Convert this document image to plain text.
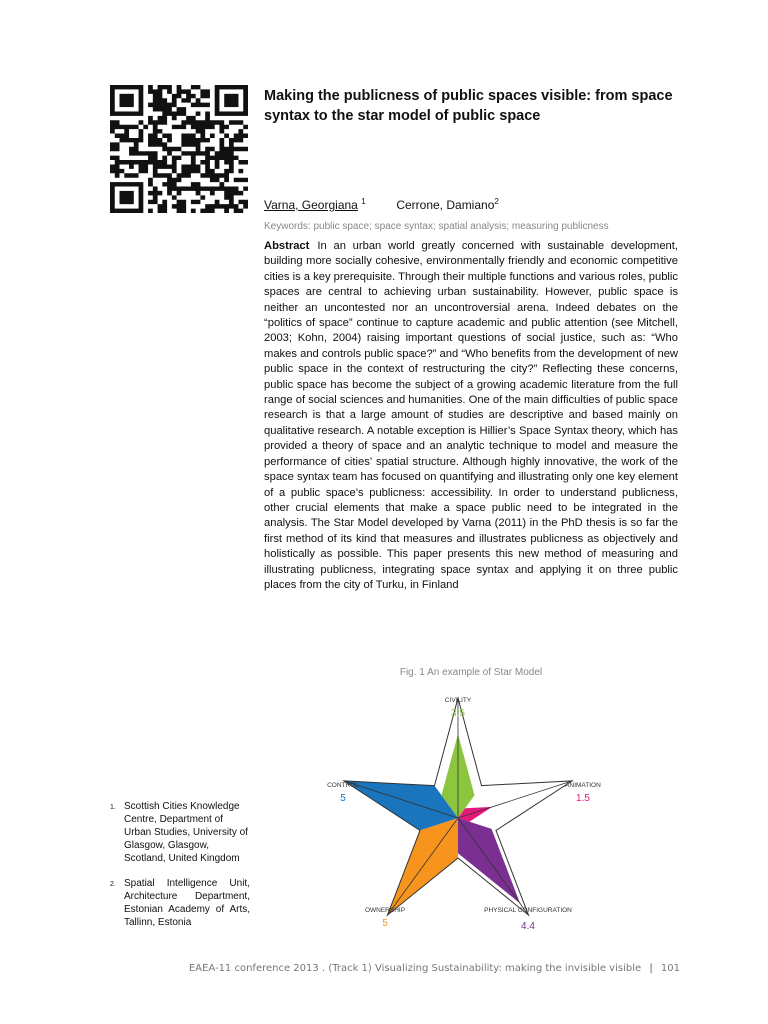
Making the publicness of public spaces visible: from space syntax to the star model of public space
Varna, Georgiana $^1$	Cerrone, Damiano$^2$
Keywords: public space; space syntax; spatial analysis; measuring publicness
Abstract In an urban world greatly concerned with sustainable development, building more socially cohesive, environmentally friendly and economic competitive cities is a key prerequisite. Through their multiple functions and various roles, public spaces are central to achieving urban sustainability. However, public space is neither an uncontested nor an uncontroversial arena. Indeed debates on the “politics of space” continue to capture academic and public attention (see Mitchell, 2003; Kohn, 2004) raising important questions of social justice, such as: “Who makes and controls public space?” and “Who benefits from the development of new public space in the context of restructuring the city?” Reflecting these concerns, public space has become the subject of a growing academic literature from the full range of social sciences and humanities. One of the main difficulties of public space research is that a large amount of studies are descriptive and based mainly on qualitative research. A notable exception is Hillier’s Space Syntax theory, which has provided a theory of space and an analytic technique to model and measure the performance of cities’ spatial structure. Although highly innovative, the work of the space syntax team has focused on quantifying and illustrating only one key element of a public space’s publicness: accessibility. In order to understand publicness, other crucial elements that make a space public need to be integrated in the analysis. The Star Model developed by Varna (2011) in the PhD thesis is so far the first method of its kind that measures and illustrates publicness as objectively and holistically as possible. This paper presents this new method of measuring and illustrating publicness, integrating space syntax and applying it on three public places from the city of Turku, in Finland
Fig. 1 An example of Star Model
CIVILITY
3.5
ANIMATION
1.5
PHYSICAL CONFIGURATION
4.4
OWNERSHIP
5
CONTROL
5
1. Scottish Cities Knowledge Centre, Department of Urban Studies, University of Glasgow, Glasgow, Scotland, United Kingdom
2. Spatial Intelligence Unit, Architecture Department, Estonian Academy of Arts, Tallinn, Estonia
EAEA-11 conference 2013 . (Track 1) Visualizing Sustainability: making the invisible visible | 101
